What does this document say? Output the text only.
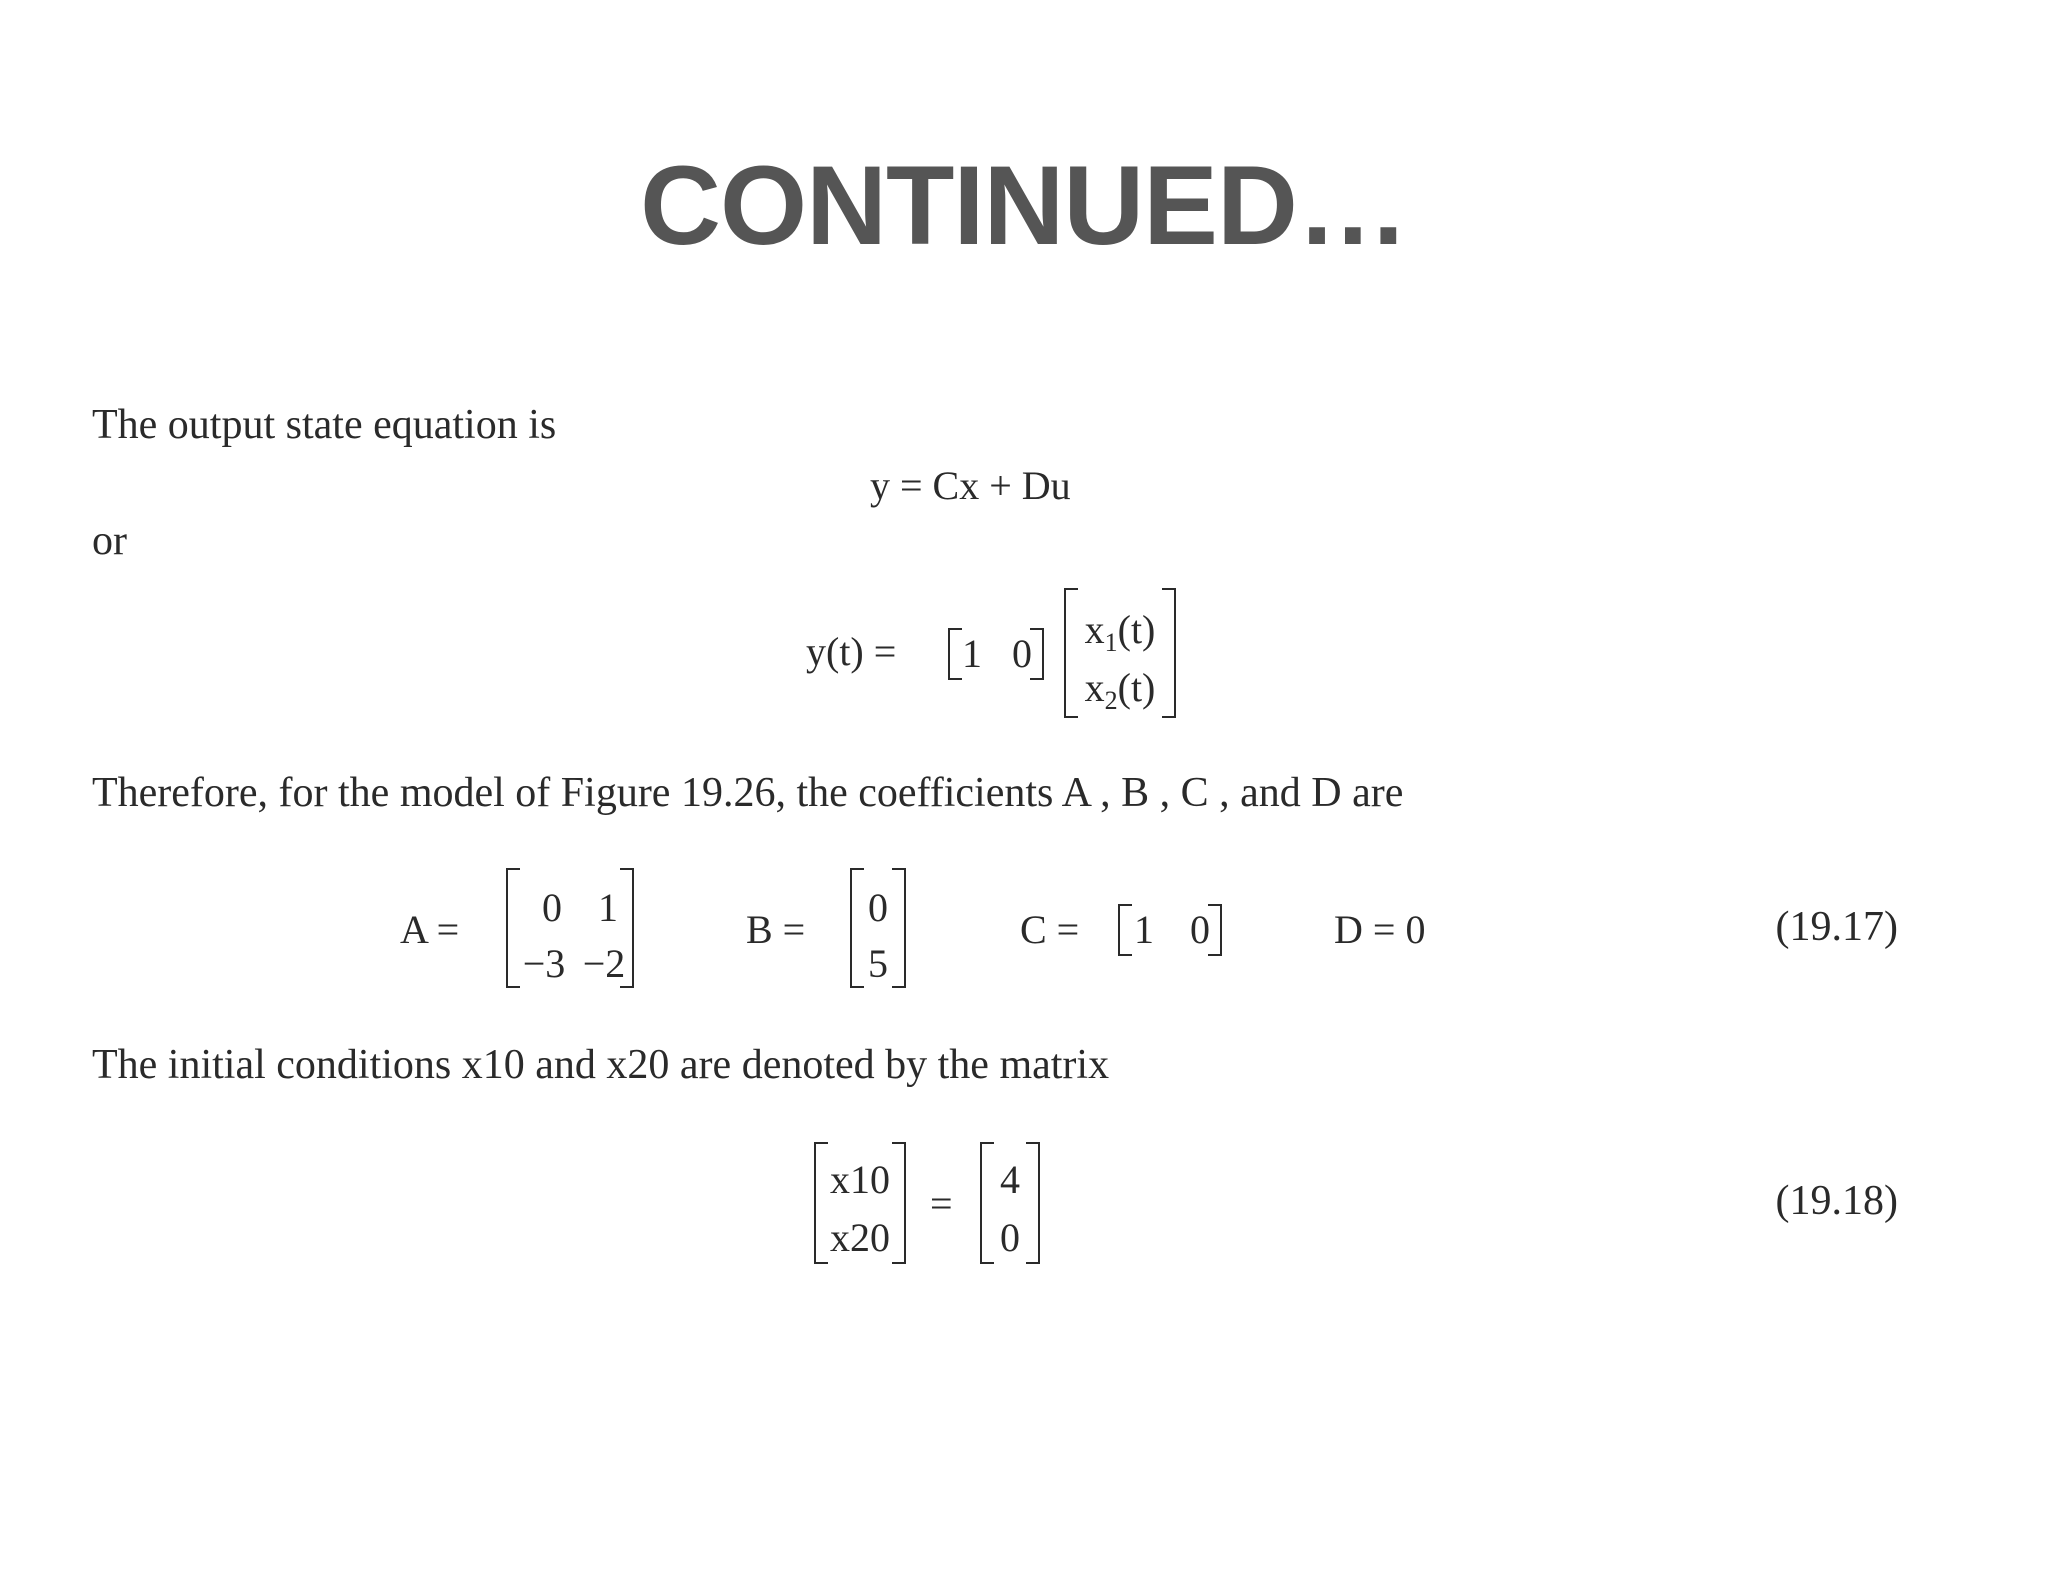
CONTINUED…
The output state equation is
y = Cx + Du
or
y(t) = 1 0
$x_1(t)$
$x_2(t)$
Therefore, for the model of Figure 19.26, the coefficients A , B , C , and D are
A = 0 1
−3 −2
B = 0
5
C = 1 0	D = 0	(19.17)
The initial conditions x10 and x20 are denoted by the matrix
x10
x20
=
4
0
(19.18)
